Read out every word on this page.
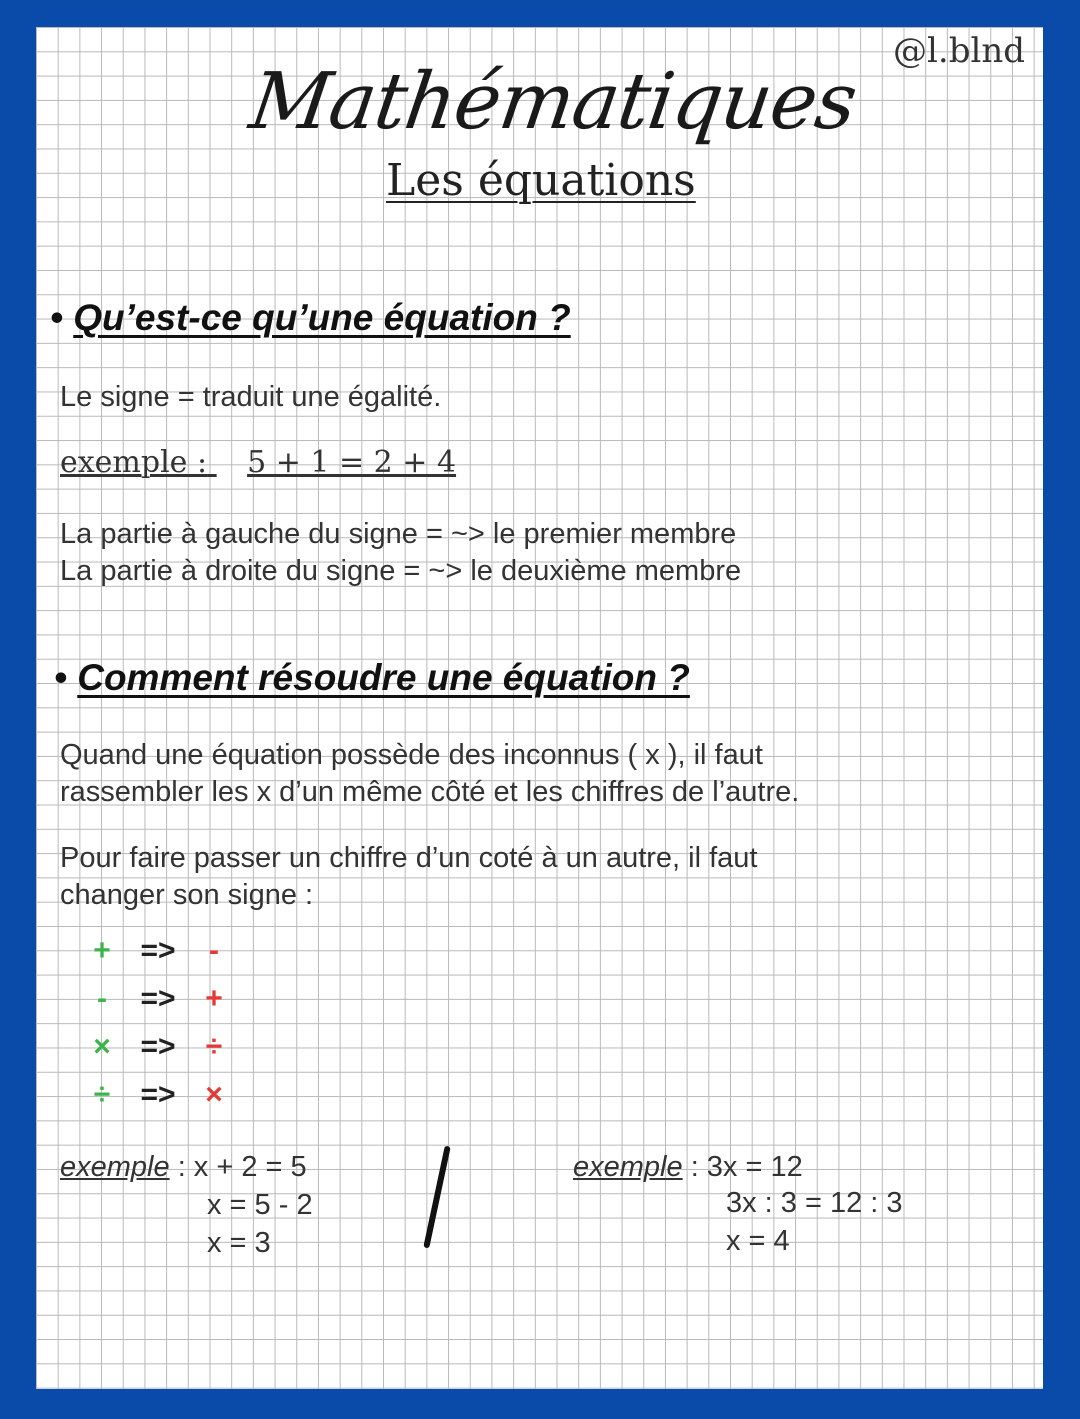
@l.blnd
Mathématiques
Les équations
• Qu’est-ce qu’une équation ?
Le signe = traduit une égalité.
exemple : 5 + 1 = 2 + 4
La partie à gauche du signe = ~> le premier membre
La partie à droite du signe = ~> le deuxième membre
• Comment résoudre une équation ?
Quand une équation possède des inconnus ( x ), il faut
rassembler les x d’un même côté et les chiffres de l’autre.
Pour faire passer un chiffre d’un coté à un autre, il faut
changer son signe :
+ =>	-
-	=> +
× =>	÷
÷	=> ×
exemple : x + 2 = 5
x = 5 - 2
x = 3
exemple : 3x = 12
3x : 3 = 12 : 3
x = 4
